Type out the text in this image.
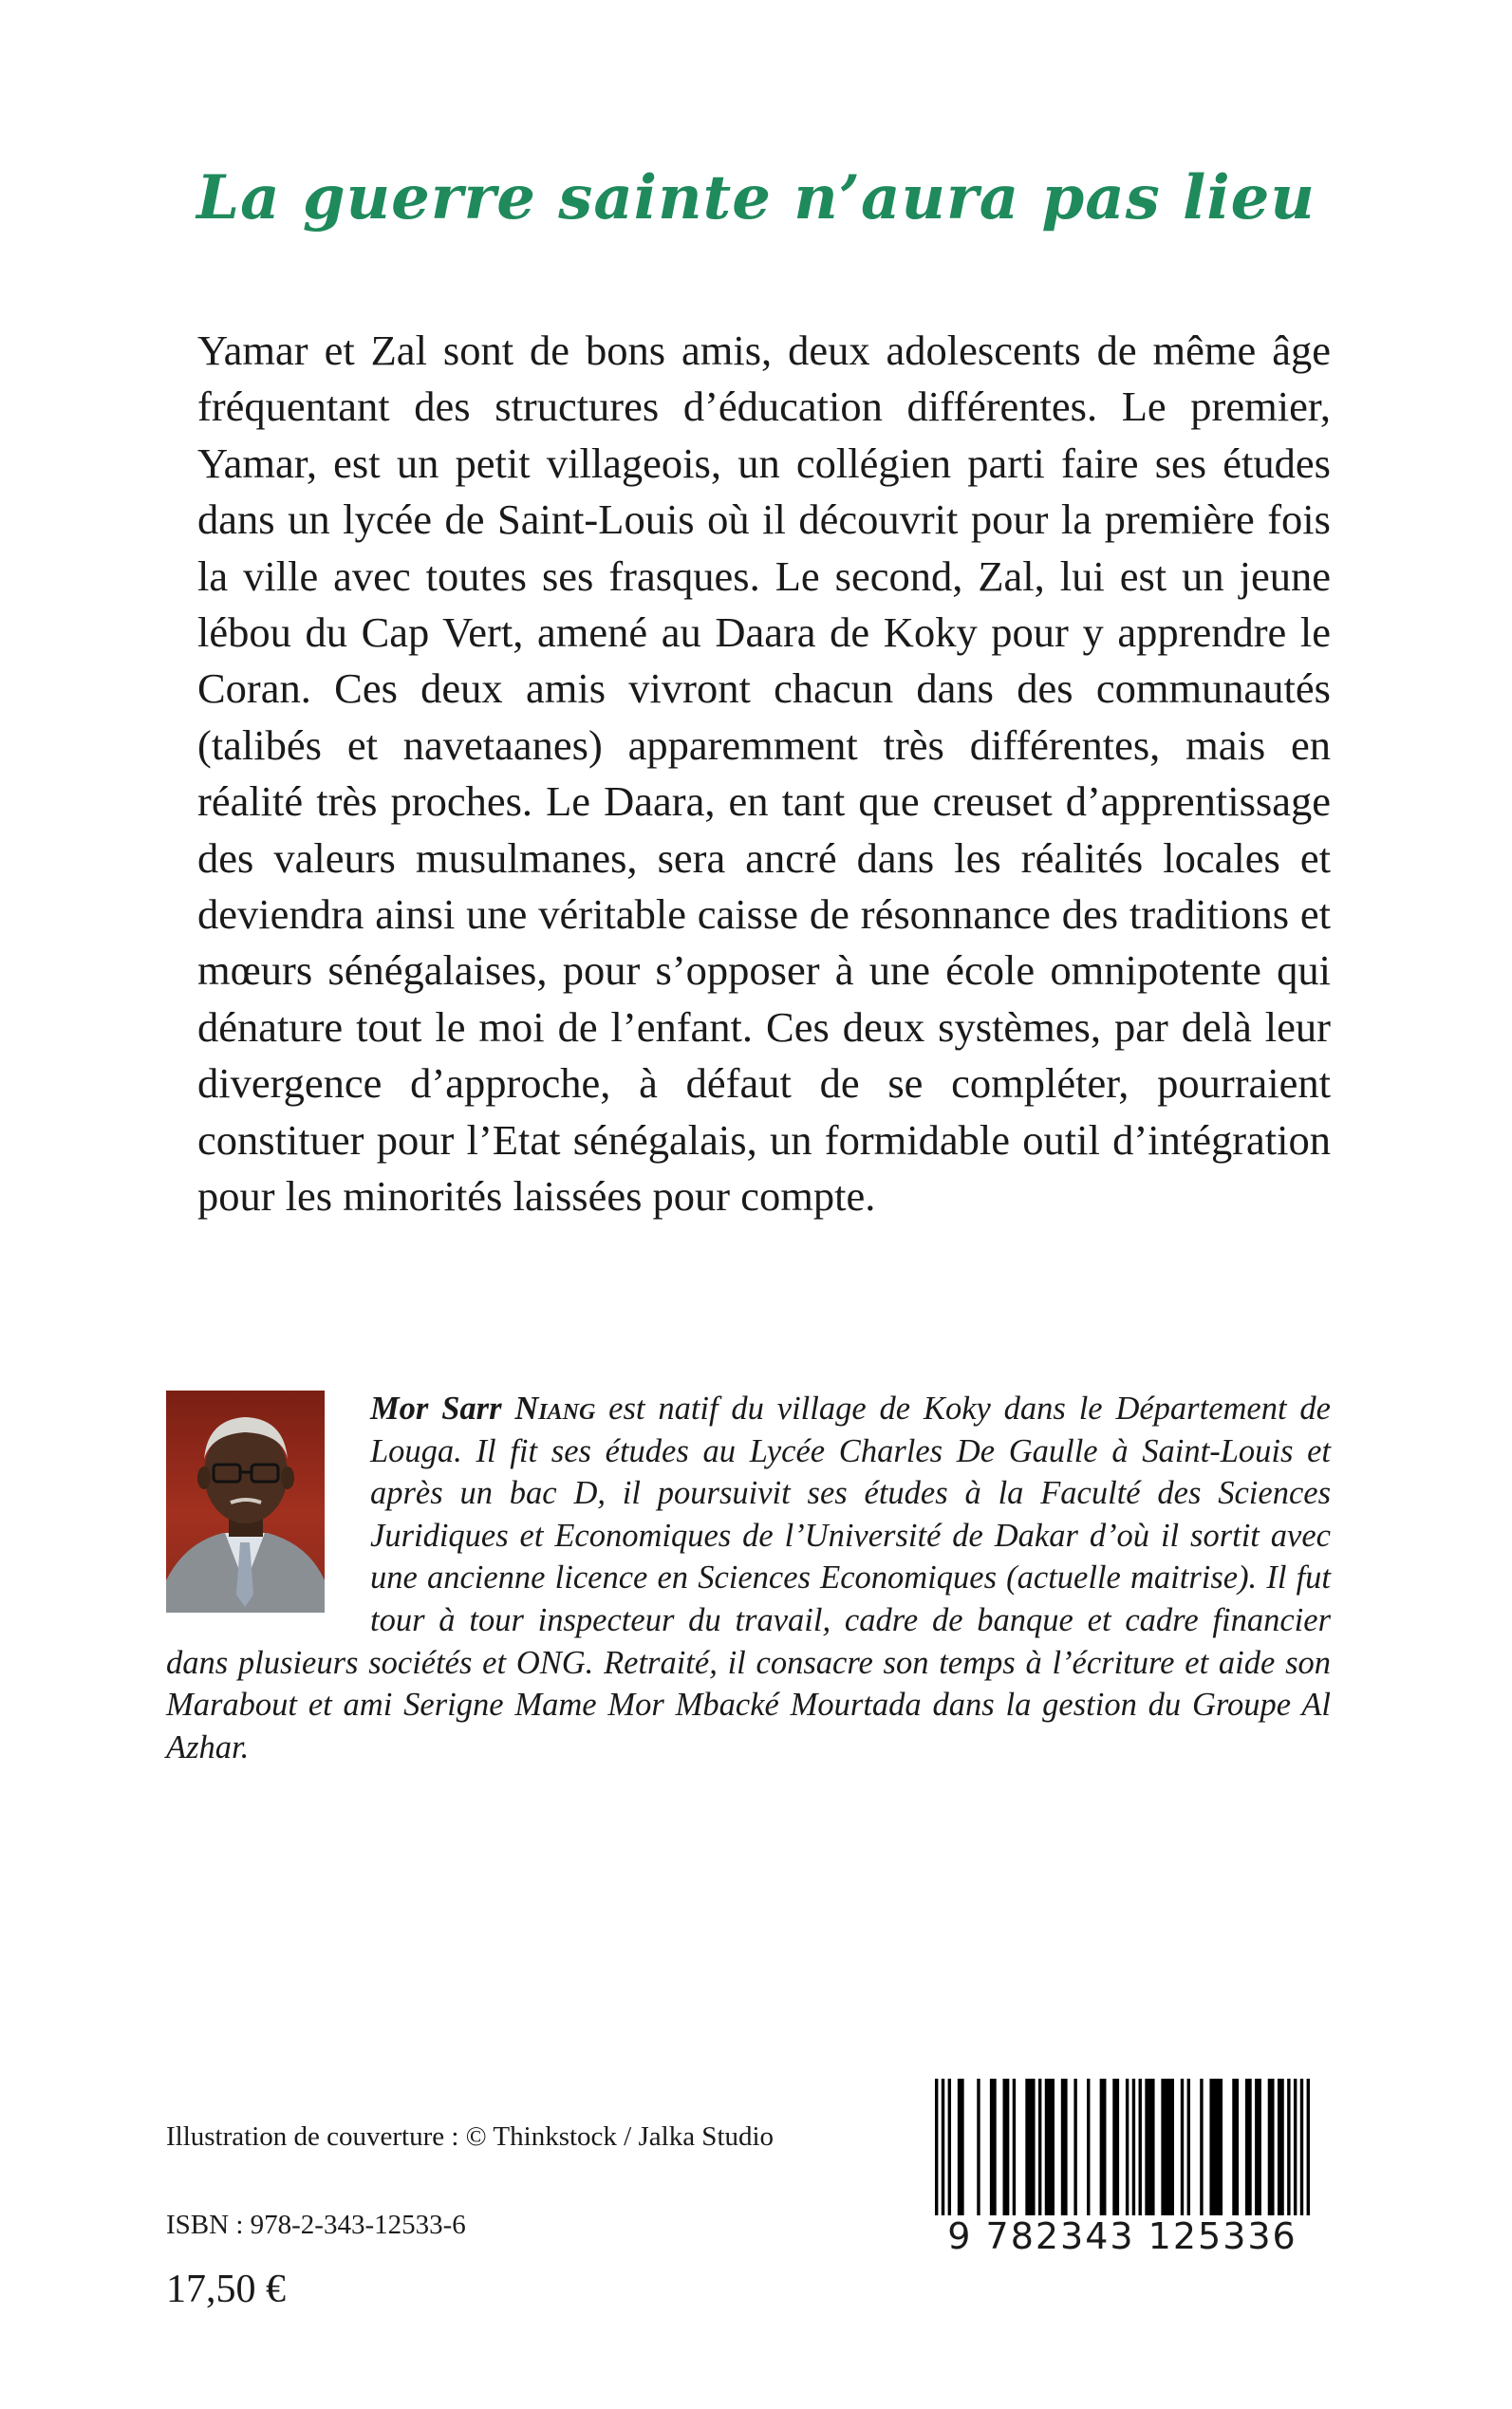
La guerre sainte n’aura pas lieu

Yamar et Zal sont de bons amis, deux adolescents de même âge fréquentant des structures d’éducation différentes. Le premier, Yamar, est un petit villageois, un collégien parti faire ses études dans un lycée de Saint-Louis où il découvrit pour la première fois la ville avec toutes ses frasques. Le second, Zal, lui est un jeune lébou du Cap Vert, amené au Daara de Koky pour y apprendre le Coran. Ces deux amis vivront chacun dans des communautés (talibés et navetaanes) apparemment très différentes, mais en réalité très proches. Le Daara, en tant que creuset d’apprentissage des valeurs musulmanes, sera ancré dans les réalités locales et deviendra ainsi une véritable caisse de résonnance des traditions et mœurs sénégalaises, pour s’opposer à une école omnipotente qui dénature tout le moi de l’enfant. Ces deux systèmes, par delà leur divergence d’approche, à défaut de se compléter, pourraient constituer pour l’Etat sénégalais, un formidable outil d’intégration pour les minorités laissées pour compte.

Mor Sarr Niang est natif du village de Koky dans le Département de Louga. Il fit ses études au Lycée Charles De Gaulle à Saint-Louis et après un bac D, il poursuivit ses études à la Faculté des Sciences Juridiques et Economiques de l’Université de Dakar d’où il sortit avec une ancienne licence en Sciences Economiques (actuelle maitrise). Il fut tour à tour inspecteur du travail, cadre de banque et cadre financier dans plusieurs sociétés et ONG. Retraité, il consacre son temps à l’écriture et aide son Marabout et ami Serigne Mame Mor Mbacké Mourtada dans la gestion du Groupe Al Azhar.
Illustration de couverture : © Thinkstock / Jalka Studio
ISBN : 978-2-343-12533-6
17,50 €
9 782343 125336
